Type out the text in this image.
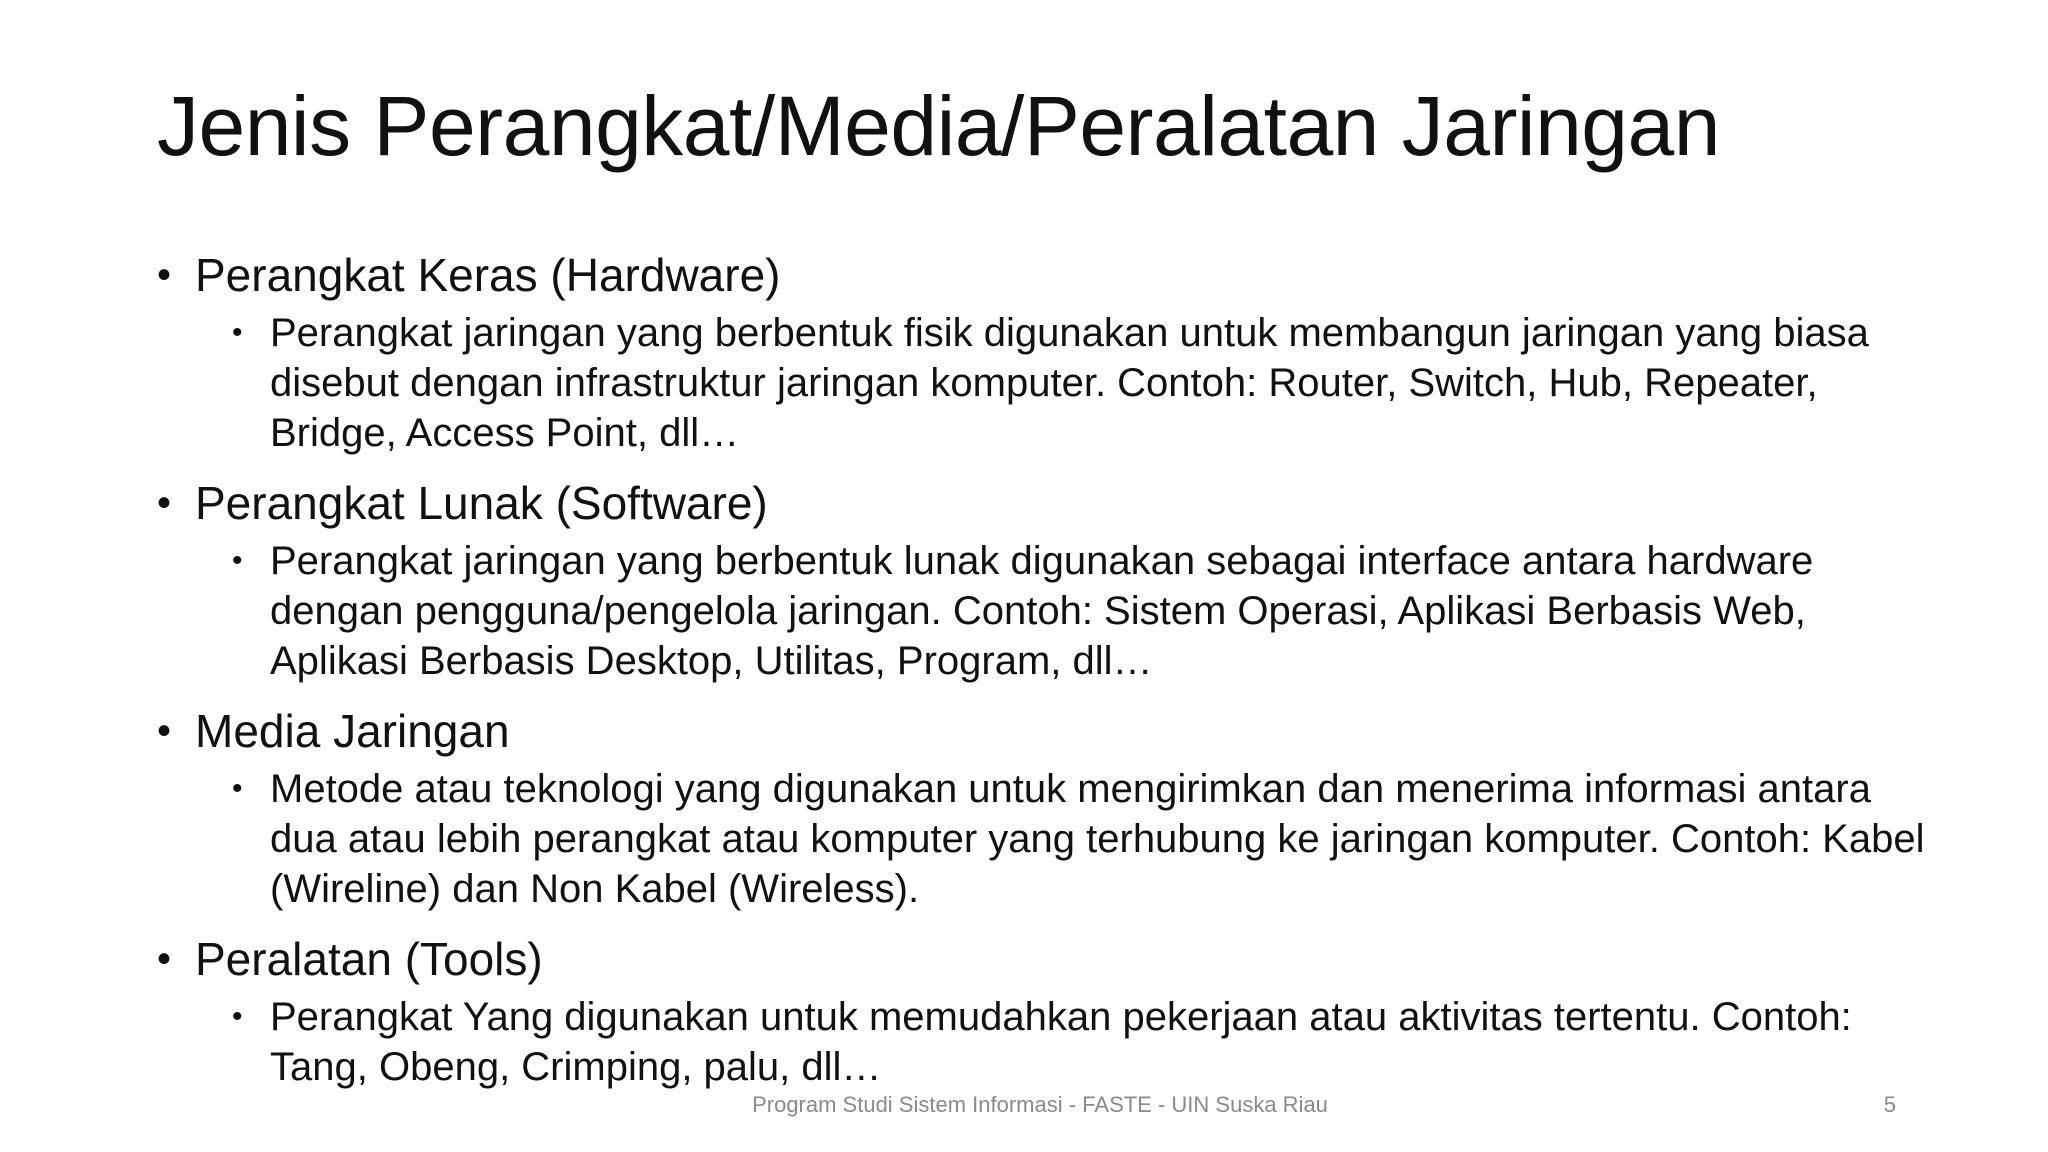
Jenis Perangkat/Media/Peralatan Jaringan
• Perangkat Keras (Hardware)
• Perangkat jaringan yang berbentuk fisik digunakan untuk membangun jaringan yang biasa disebut dengan infrastruktur jaringan komputer. Contoh: Router, Switch, Hub, Repeater, Bridge, Access Point, dll…
• Perangkat Lunak (Software)
• Perangkat jaringan yang berbentuk lunak digunakan sebagai interface antara hardware dengan pengguna/pengelola jaringan. Contoh: Sistem Operasi, Aplikasi Berbasis Web, Aplikasi Berbasis Desktop, Utilitas, Program, dll…
• Media Jaringan
• Metode atau teknologi yang digunakan untuk mengirimkan dan menerima informasi antara dua atau lebih perangkat atau komputer yang terhubung ke jaringan komputer. Contoh: Kabel (Wireline) dan Non Kabel (Wireless).
• Peralatan (Tools)
• Perangkat Yang digunakan untuk memudahkan pekerjaan atau aktivitas tertentu. Contoh: Tang, Obeng, Crimping, palu, dll…
Program Studi Sistem Informasi - FASTE - UIN Suska Riau	5
